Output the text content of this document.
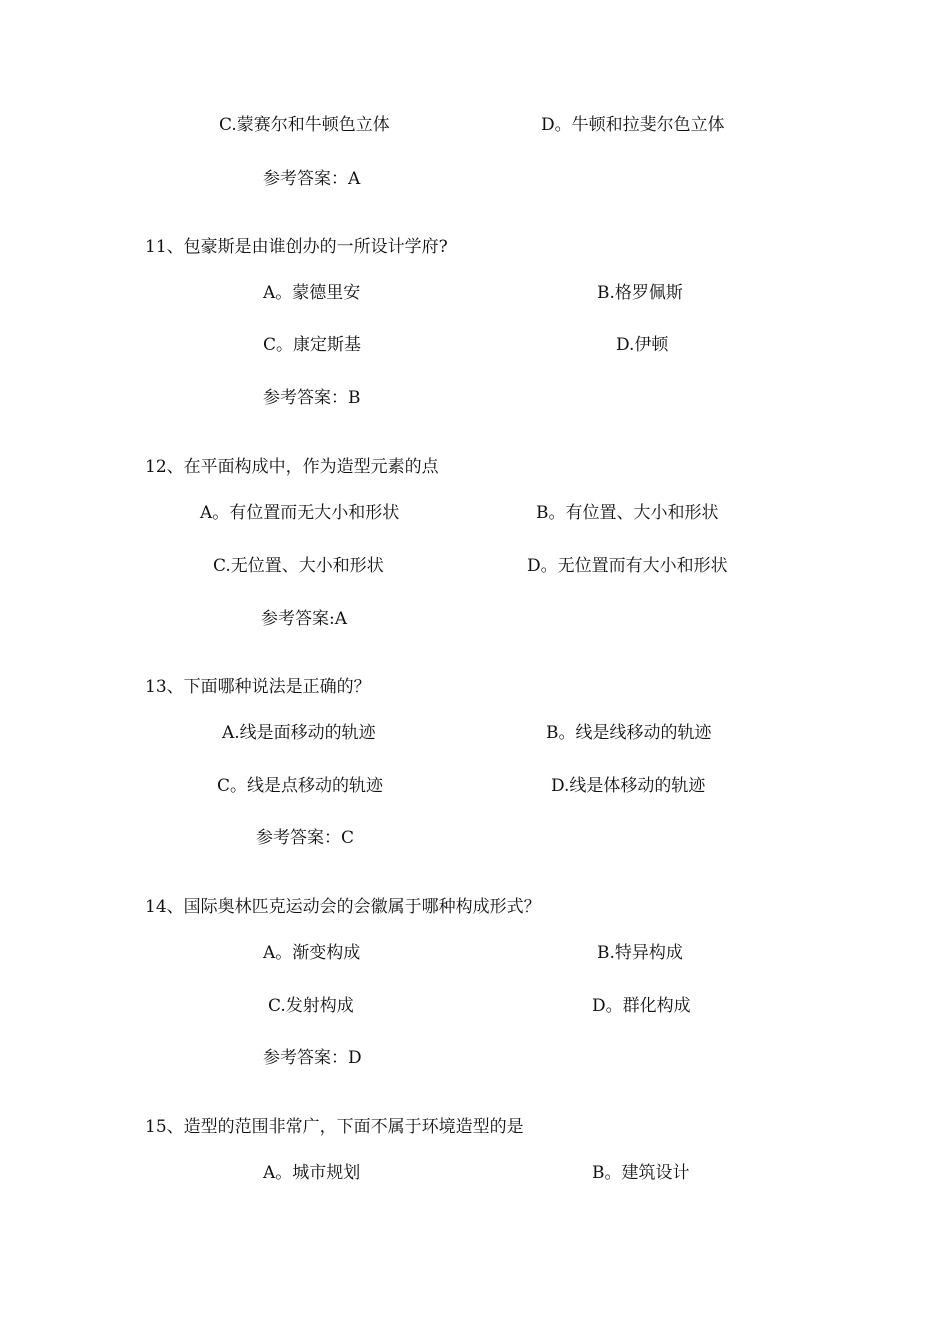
C.蒙赛尔和牛顿色立体	D。牛顿和拉斐尔色立体
参考答案：A
11、包豪斯是由谁创办的一所设计学府?
A。蒙德里安	B.格罗佩斯
C。康定斯基	D.伊顿
参考答案：B
12、在平面构成中，作为造型元素的点
A。有位置而无大小和形状	B。有位置、大小和形状
C.无位置、大小和形状	D。无位置而有大小和形状
参考答案:A
13、下面哪种说法是正确的？
A.线是面移动的轨迹	B。线是线移动的轨迹
C。线是点移动的轨迹	D.线是体移动的轨迹
参考答案：C
14、国际奥林匹克运动会的会徽属于哪种构成形式？
A。渐变构成	B.特异构成
C.发射构成	D。群化构成
参考答案：D
15、造型的范围非常广，下面不属于环境造型的是
A。城市规划	B。建筑设计
